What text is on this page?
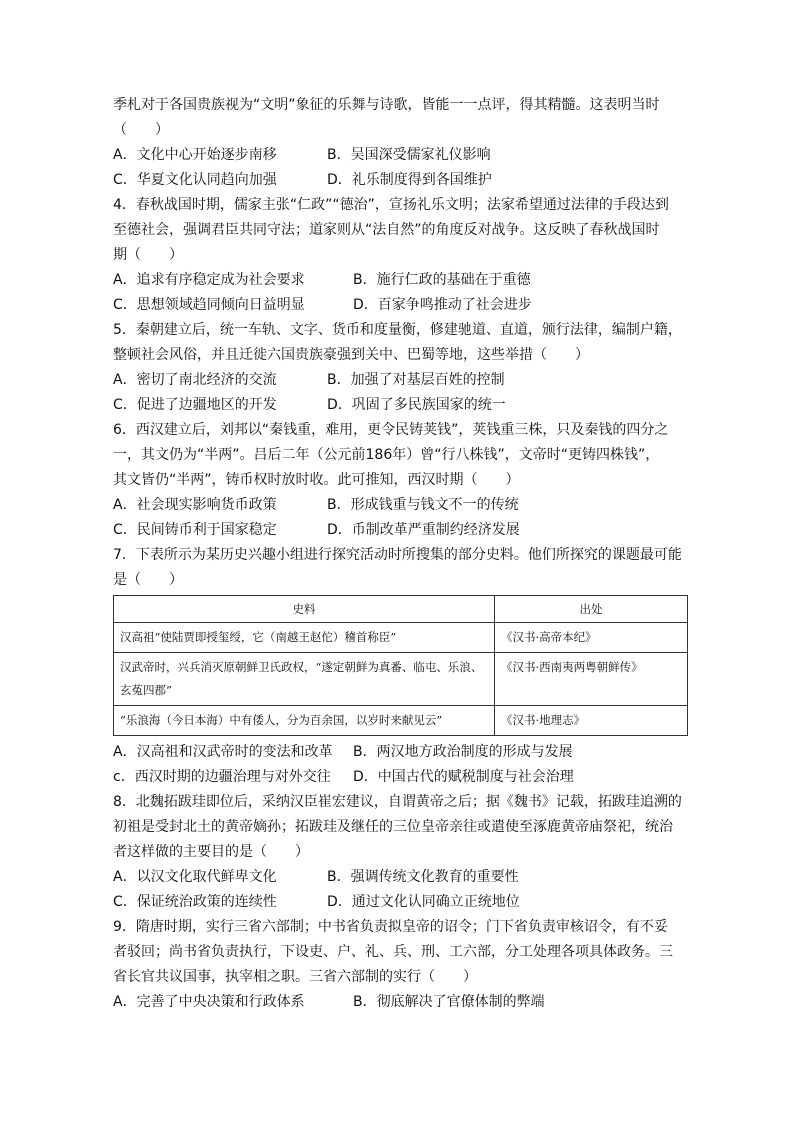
季札对于各国贵族视为“文明”象征的乐舞与诗歌，皆能一一点评，得其精髓。这表明当时
（　　）
A．文化中心开始逐步南移	B．吴国深受儒家礼仪影响
C．华夏文化认同趋向加强	D．礼乐制度得到各国维护
4．春秋战国时期，儒家主张“仁政”“德治”，宣扬礼乐文明；法家希望通过法律的手段达到
至德社会，强调君臣共同守法；道家则从“法自然”的角度反对战争。这反映了春秋战国时
期（　　）
A．追求有序稳定成为社会要求	B．施行仁政的基础在于重德
C．思想领域趋同倾向日益明显	D．百家争鸣推动了社会进步
5．秦朝建立后，统一车轨、文字、货币和度量衡，修建驰道、直道，颁行法律，编制户籍，
整顿社会风俗，并且迁徙六国贵族豪强到关中、巴蜀等地，这些举措（　　）
A．密切了南北经济的交流	B．加强了对基层百姓的控制
C．促进了边疆地区的开发	D．巩固了多民族国家的统一
6．西汉建立后，刘邦以“秦钱重，难用，更令民铸荚钱”，荚钱重三株，只及秦钱的四分之
一，其文仍为“半两”。吕后二年（公元前186年）曾“行八株钱”，文帝时“更铸四株钱”，
其文皆仍“半两”，铸币权时放时收。此可推知，西汉时期（　　）
A．社会现实影响货币政策	B．形成钱重与钱文不一的传统
C．民间铸币利于国家稳定	D．币制改革严重制约经济发展
7．下表所示为某历史兴趣小组进行探究活动时所搜集的部分史料。他们所探究的课题最可能
是（　　）
史料	出处
汉高祖“使陆贾即授玺绶，它（南越王赵佗）稽首称臣”	《汉书·高帝本纪》
汉武帝时，兴兵消灭原朝鲜卫氏政权，“遂定朝鲜为真番、临屯、乐浪、玄菟四郡”	《汉书·西南夷两粤朝鲜传》
“乐浪海（今日本海）中有倭人，分为百余国，以岁时来献见云”	《汉书·地理志》
A．汉高祖和汉武帝时的变法和改革 B．两汉地方政治制度的形成与发展
c．西汉时期的边疆治理与对外交往 D．中国古代的赋税制度与社会治理
8．北魏拓跋珪即位后，采纳汉臣崔宏建议，自谓黄帝之后；据《魏书》记载，拓跋珪追溯的
初祖是受封北土的黄帝嫡孙；拓跋珪及继任的三位皇帝亲往或遣使至涿鹿黄帝庙祭祀，统治
者这样做的主要目的是（　　）
A．以汉文化取代鲜卑文化	B．强调传统文化教育的重要性
C．保证统治政策的连续性	D．通过文化认同确立正统地位
9．隋唐时期，实行三省六部制；中书省负责拟皇帝的诏令；门下省负责审核诏令，有不妥
者驳回；尚书省负责执行，下设吏、户、礼、兵、刑、工六部，分工处理各项具体政务。三
省长官共议国事，执宰相之职。三省六部制的实行（　　）
A．完善了中央决策和行政体系	B．彻底解决了官僚体制的弊端
